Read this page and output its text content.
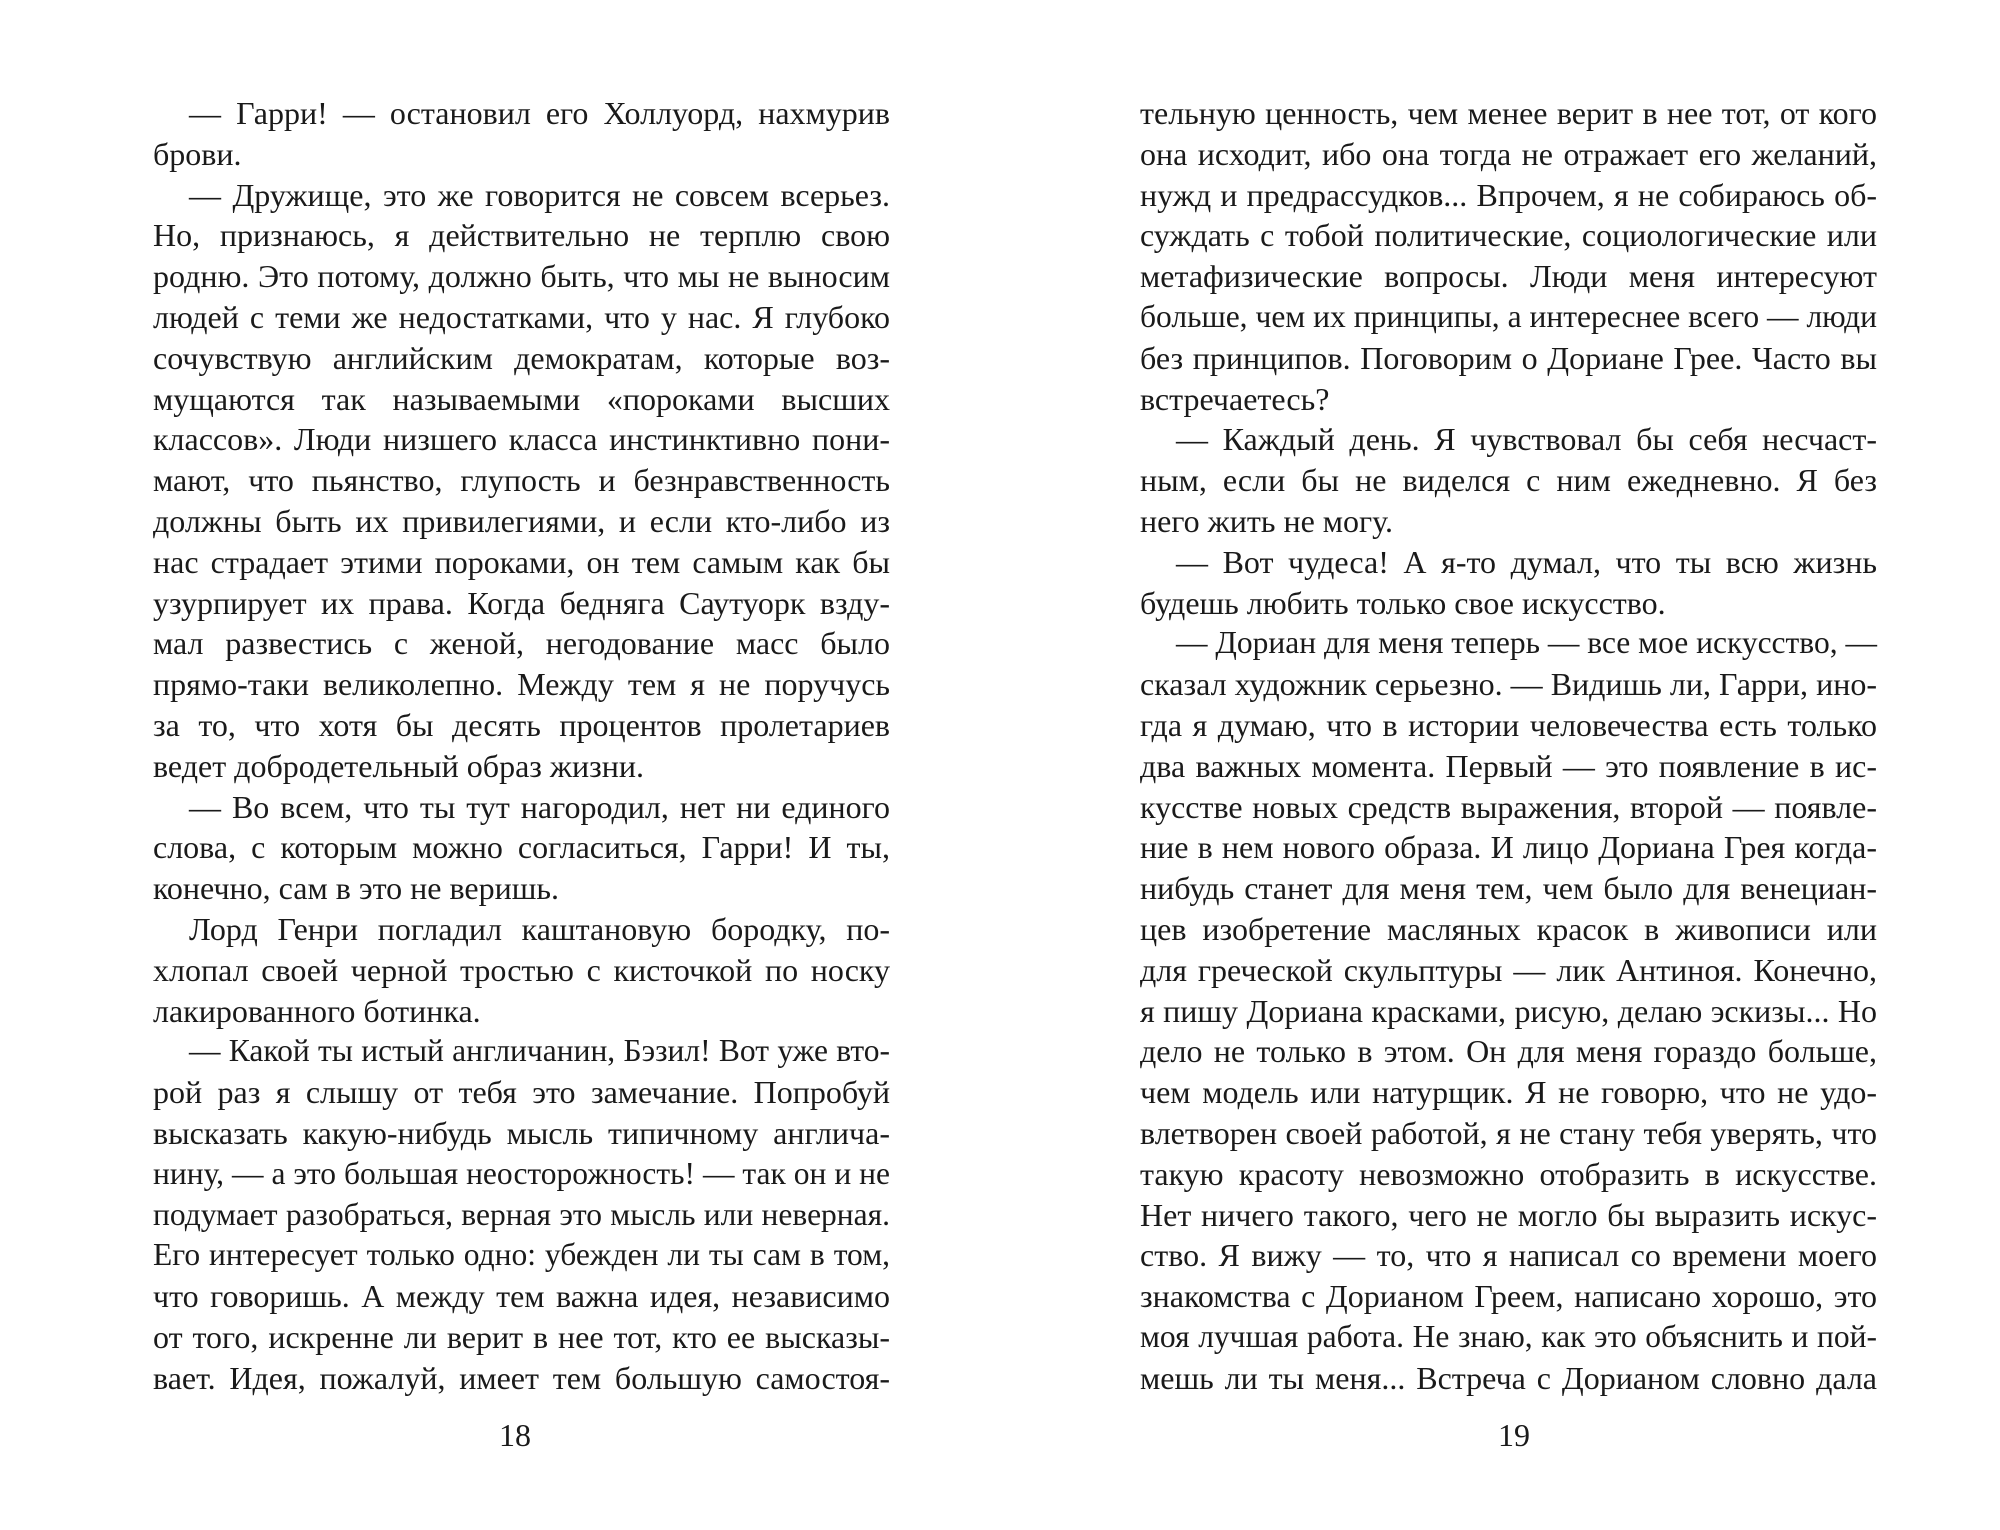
— Гарри! — остановил его Холлуорд, нахмурив
брови.
— Дружище, это же говорится не совсем всерьез.
Но, признаюсь, я действительно не терплю свою
родню. Это потому, должно быть, что мы не выносим
людей с теми же недостатками, что у нас. Я глубоко
сочувствую английским демократам, которые воз-
мущаются так называемыми «пороками высших
классов». Люди низшего класса инстинктивно пони-
мают, что пьянство, глупость и безнравственность
должны быть их привилегиями, и если кто-либо из
нас страдает этими пороками, он тем самым как бы
узурпирует их права. Когда бедняга Саутуорк взду-
мал развестись с женой, негодование масс было
прямо-таки великолепно. Между тем я не поручусь
за то, что хотя бы десять процентов пролетариев
ведет добродетельный образ жизни.
— Во всем, что ты тут нагородил, нет ни единого
слова, с которым можно согласиться, Гарри! И ты,
конечно, сам в это не веришь.
Лорд Генри погладил каштановую бородку, по-
хлопал своей черной тростью с кисточкой по носку
лакированного ботинка.
— Какой ты истый англичанин, Бэзил! Вот уже вто-
рой раз я слышу от тебя это замечание. Попробуй
высказать какую-нибудь мысль типичному англича-
нину, — а это большая неосторожность! — так он и не
подумает разобраться, верная это мысль или неверная.
Его интересует только одно: убежден ли ты сам в том,
что говоришь. А между тем важна идея, независимо
от того, искренне ли верит в нее тот, кто ее высказы-
вает. Идея, пожалуй, имеет тем большую самостоя-
тельную ценность, чем менее верит в нее тот, от кого
она исходит, ибо она тогда не отражает его желаний,
нужд и предрассудков... Впрочем, я не собираюсь об-
суждать с тобой политические, социологические или
метафизические вопросы. Люди меня интересуют
больше, чем их принципы, а интереснее всего — люди
без принципов. Поговорим о Дориане Грее. Часто вы
встречаетесь?
— Каждый день. Я чувствовал бы себя несчаст-
ным, если бы не виделся с ним ежедневно. Я без
него жить не могу.
— Вот чудеса! А я-то думал, что ты всю жизнь
будешь любить только свое искусство.
— Дориан для меня теперь — все мое искусство, —
сказал художник серьезно. — Видишь ли, Гарри, ино-
гда я думаю, что в истории человечества есть только
два важных момента. Первый — это появление в ис-
кусстве новых средств выражения, второй — появле-
ние в нем нового образа. И лицо Дориана Грея когда-
нибудь станет для меня тем, чем было для венециан-
цев изобретение масляных красок в живописи или
для греческой скульптуры — лик Антиноя. Конечно,
я пишу Дориана красками, рисую, делаю эскизы... Но
дело не только в этом. Он для меня гораздо больше,
чем модель или натурщик. Я не говорю, что не удо-
влетворен своей работой, я не стану тебя уверять, что
такую красоту невозможно отобразить в искусстве.
Нет ничего такого, чего не могло бы выразить искус-
ство. Я вижу — то, что я написал со времени моего
знакомства с Дорианом Греем, написано хорошо, это
моя лучшая работа. Не знаю, как это объяснить и пой-
мешь ли ты меня... Встреча с Дорианом словно дала
18	19
